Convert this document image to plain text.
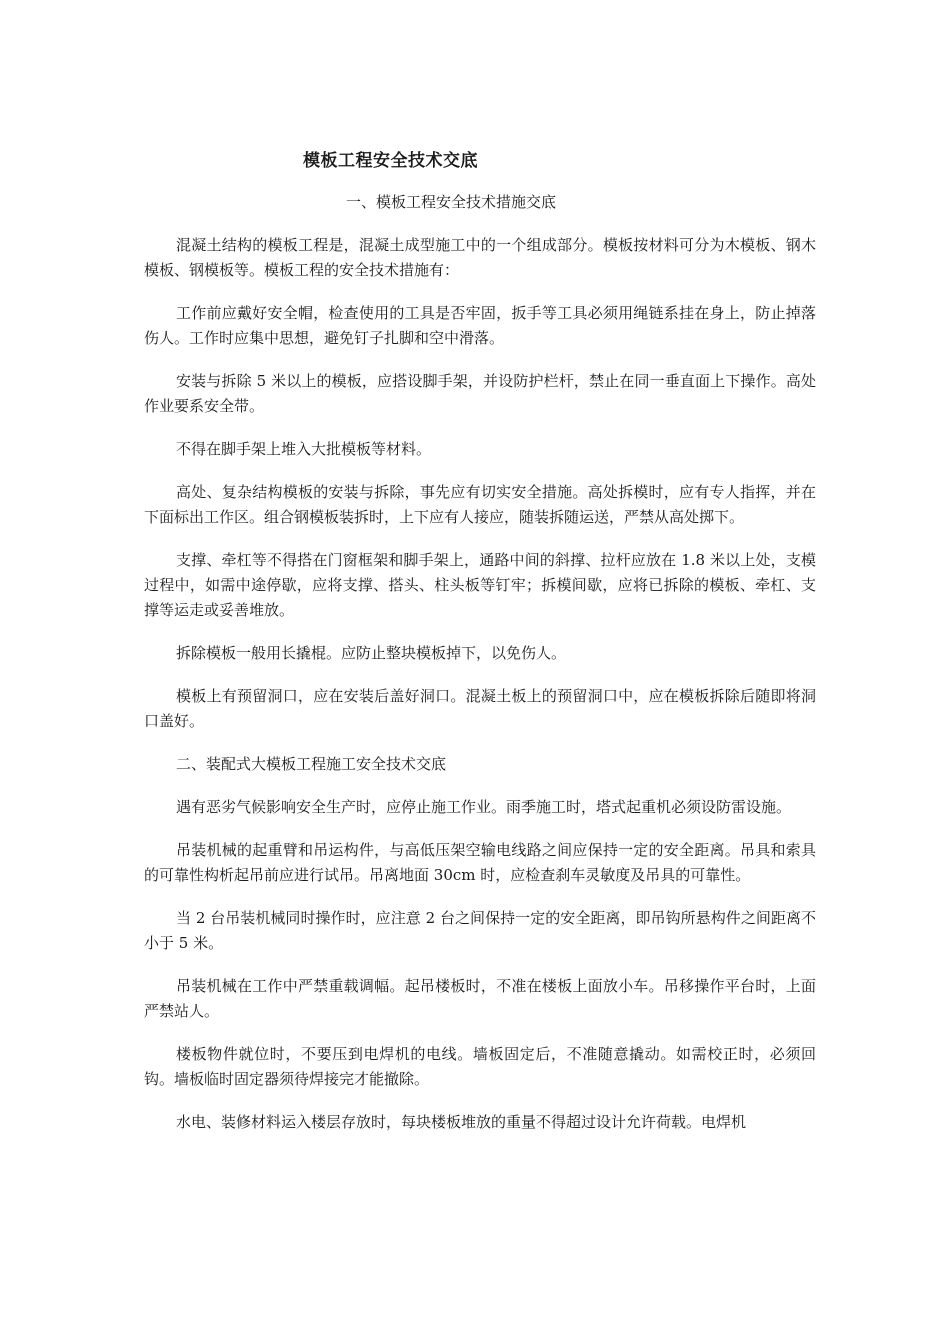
模板工程安全技术交底

一、模板工程安全技术措施交底

混凝土结构的模板工程是，混凝土成型施工中的一个组成部分。模板按材料可分为木模板、钢木模板、钢模板等。模板工程的安全技术措施有：

工作前应戴好安全帽，检查使用的工具是否牢固，扳手等工具必须用绳链系挂在身上，防止掉落伤人。工作时应集中思想，避免钉子扎脚和空中滑落。

安装与拆除 5 米以上的模板，应搭设脚手架，并设防护栏杆，禁止在同一垂直面上下操作。高处作业要系安全带。

不得在脚手架上堆入大批模板等材料。

高处、复杂结构模板的安装与拆除，事先应有切实安全措施。高处拆模时，应有专人指挥，并在下面标出工作区。组合钢模板装拆时，上下应有人接应，随装拆随运送，严禁从高处掷下。

支撑、牵杠等不得搭在门窗框架和脚手架上，通路中间的斜撑、拉杆应放在 1.8 米以上处，支模过程中，如需中途停歇，应将支撑、搭头、柱头板等钉牢；拆模间歇，应将已拆除的模板、牵杠、支撑等运走或妥善堆放。

拆除模板一般用长撬棍。应防止整块模板掉下，以免伤人。

模板上有预留洞口，应在安装后盖好洞口。混凝土板上的预留洞口中，应在模板拆除后随即将洞口盖好。

二、装配式大模板工程施工安全技术交底

遇有恶劣气候影响安全生产时，应停止施工作业。雨季施工时，塔式起重机必须设防雷设施。

吊装机械的起重臂和吊运构件，与高低压架空输电线路之间应保持一定的安全距离。吊具和索具的可靠性构析起吊前应进行试吊。吊离地面 30cm 时，应检查刹车灵敏度及吊具的可靠性。

当 2 台吊装机械同时操作时，应注意 2 台之间保持一定的安全距离，即吊钩所悬构件之间距离不小于 5 米。

吊装机械在工作中严禁重载调幅。起吊楼板时，不准在楼板上面放小车。吊移操作平台时，上面严禁站人。

楼板物件就位时，不要压到电焊机的电线。墙板固定后，不准随意撬动。如需校正时，必须回钩。墙板临时固定器须待焊接完才能撤除。

水电、装修材料运入楼层存放时，每块楼板堆放的重量不得超过设计允许荷载。电焊机
